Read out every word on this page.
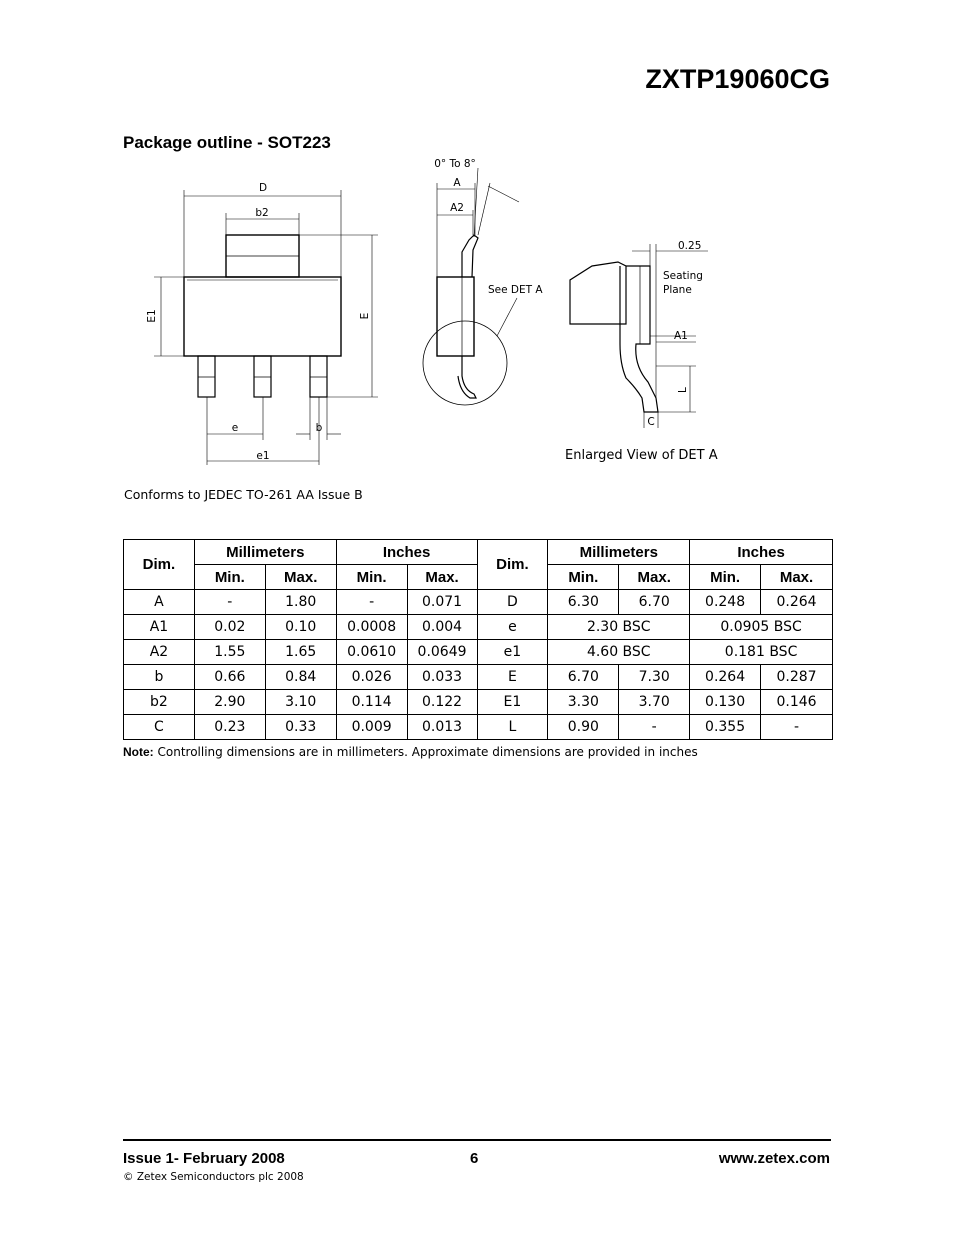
ZXTP19060CG
Package outline - SOT223
D
b2
E1	E
e	b
e1
0° To 8°
A
A2
See DET A
0.25
Seating
Plane
A1
L
C
Enlarged View of DET A
Conforms to JEDEC TO-261 AA Issue B
Dim.	Millimeters		Inches		Dim.	Millimeters		Inches	
	Min.	Max.	Min.	Max.		Min.	Max.	Min.	Max.
A	-	1.80	-	0.071	D	6.30	6.70	0.248	0.264
A1	0.02	0.10	0.0008	0.004	e	2.30 BSC		0.0905 BSC	
A2	1.55	1.65	0.0610	0.0649	e1	4.60 BSC		0.181 BSC	
b	0.66	0.84	0.026	0.033	E	6.70	7.30	0.264	0.287
b2	2.90	3.10	0.114	0.122	E1	3.30	3.70	0.130	0.146
C	0.23	0.33	0.009	0.013	L	0.90	-	0.355	-
Note: Controlling dimensions are in millimeters. Approximate dimensions are provided in inches
Issue 1- February 2008	6	www.zetex.com
© Zetex Semiconductors plc 2008
